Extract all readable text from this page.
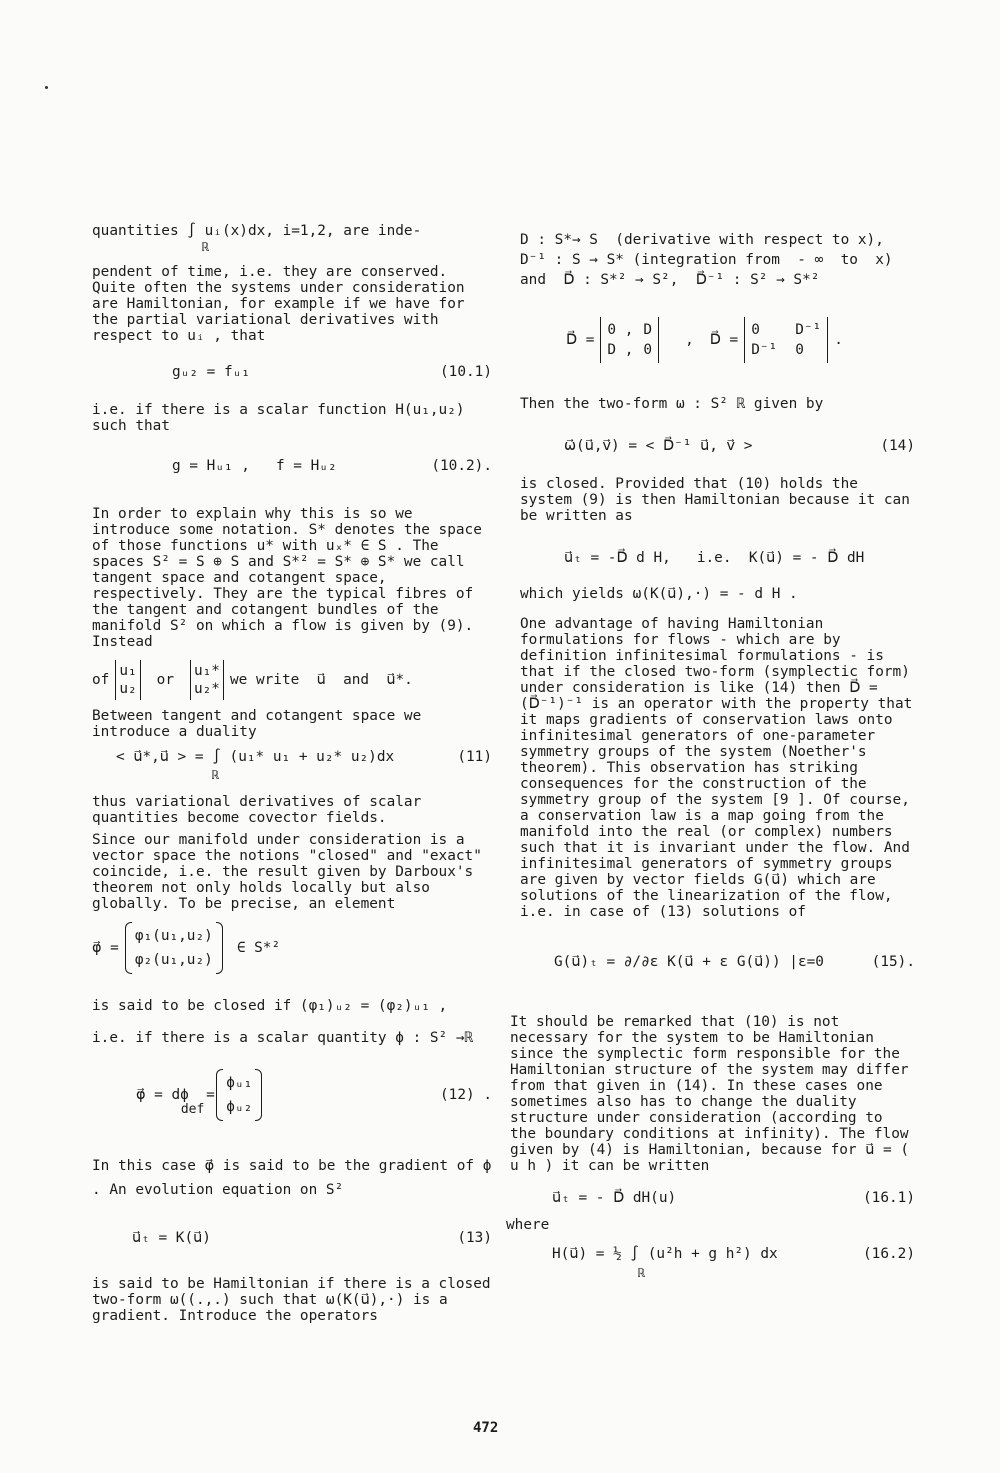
quantities ∫ uᵢ(x)dx, i=1,2, are inde-
ℝ

pendent of time, i.e. they are conserved. Quite often the systems under consideration are Hamiltonian, for example if we have for the partial variational derivatives with respect to uᵢ , that

gᵤ₂ = fᵤ₁	(10.1)

i.e. if there is a scalar function H(u₁,u₂) such that

g = Hᵤ₁ ,   f = Hᵤ₂	(10.2).

In order to explain why this is so we introduce some notation. S* denotes the space of those functions u* with uₓ* ∈ S . The spaces S² = S ⊕ S and S*² = S* ⊕ S* we call tangent space and cotangent space, respectively. They are the typical fibres of the tangent and cotangent bundles of the manifold S² on which a flow is given by (9). Instead

of
u₁
u₂
or
u₁*
u₂*
we write  u⃗  and  u⃗*.

Between tangent and cotangent space we introduce a duality

< u⃗*,u⃗ > = ∫ (u₁* u₁ + u₂* u₂)dx	(11)
ℝ

thus variational derivatives of scalar quantities become covector fields.

Since our manifold under consideration is a vector space the notions "closed" and "exact" coincide, i.e. the result given by Darboux's theorem not only holds locally but also globally. To be precise, an element

φ⃗ =
φ₁(u₁,u₂)
φ₂(u₁,u₂)
∈ S*²

is said to be closed if (φ₁)ᵤ₂ = (φ₂)ᵤ₁ ,

i.e. if there is a scalar quantity ϕ : S² →ℝ

φ⃗ = dϕ  =
def
ϕᵤ₁
ϕᵤ₂
(12) .

In this case φ⃗ is said to be the gradient of ϕ . An evolution equation on S²

u⃗ₜ = K(u⃗)	(13)

is said to be Hamiltonian if there is a closed two-form ω((.,.) such that ω(K(u⃗),·) is a gradient. Introduce the operators

D : S*→ S  (derivative with respect to x),
D⁻¹ : S → S* (integration from  - ∞  to  x)
and  D⃗ : S*² → S²,  D⃗⁻¹ : S² → S*²
D⃗ =
0 , D
D , 0
, D⃗ =
0	D⁻¹
D⁻¹ 0
.

Then the two-form ω : S² ℝ given by

ω⃗(u⃗,v⃗) = < D⃗⁻¹ u⃗, v⃗ >	(14)

is closed. Provided that (10) holds the system (9) is then Hamiltonian because it can be written as

u⃗ₜ = -D⃗ d H,   i.e.  K(u⃗) = - D⃗ dH

which yields ω(K(u⃗),·) = - d H .

One advantage of having Hamiltonian formulations for flows - which are by definition infinitesimal formulations - is that if the closed two-form (symplectic form) under consideration is like (14) then D⃗ = (D⃗⁻¹)⁻¹ is an operator with the property that it maps gradients of conservation laws onto infinitesimal generators of one-parameter symmetry groups of the system (Noether's theorem). This observation has striking consequences for the construction of the symmetry group of the system [9 ]. Of course, a conservation law is a map going from the manifold into the real (or complex) numbers such that it is invariant under the flow. And infinitesimal generators of symmetry groups are given by vector fields G(u⃗) which are solutions of the linearization of the flow, i.e. in case of (13) solutions of

G(u⃗)ₜ = ∂/∂ε K(u⃗ + ε G(u⃗)) |ε=0	(15).

It should be remarked that (10) is not necessary for the system to be Hamiltonian since the symplectic form responsible for the Hamiltonian structure of the system may differ from that given in (14). In these cases one sometimes also has to change the duality structure under consideration (according to the boundary conditions at infinity). The flow given by (4) is Hamiltonian, because for u⃗ = ( u h ) it can be written

u⃗ₜ = - D⃗ dH(u)	(16.1)
where
H(u⃗) = ½ ∫ (u²h + g h²) dx	(16.2)
ℝ
472
